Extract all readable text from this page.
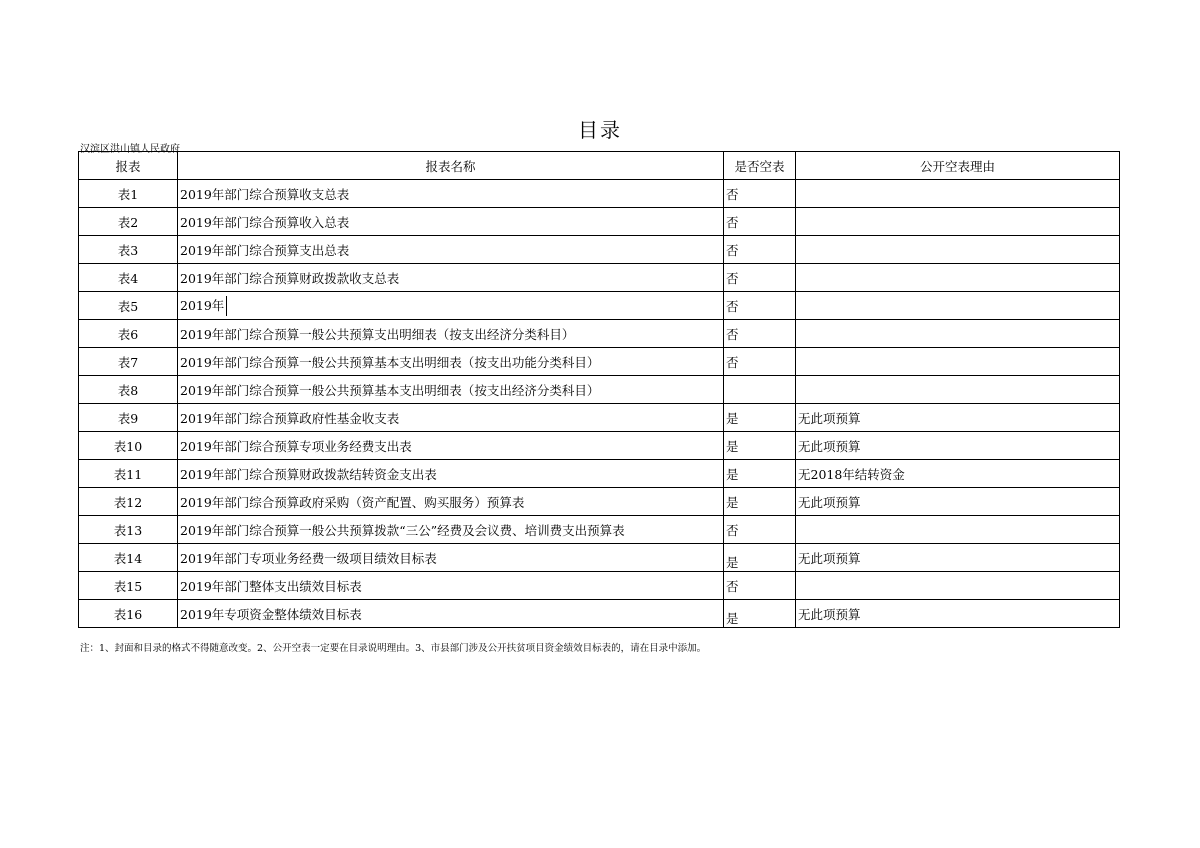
目录
汉滨区洪山镇人民政府
报表	报表名称	是否空表	公开空表理由
表1	2019年部门综合预算收支总表	否	
表2	2019年部门综合预算收入总表	否	
表3	2019年部门综合预算支出总表	否	
表4	2019年部门综合预算财政拨款收支总表	否	
表5	2019年	否	
表6	2019年部门综合预算一般公共预算支出明细表（按支出经济分类科目）	否	
表7	2019年部门综合预算一般公共预算基本支出明细表（按支出功能分类科目）	否	
表8	2019年部门综合预算一般公共预算基本支出明细表（按支出经济分类科目）		
表9	2019年部门综合预算政府性基金收支表	是	无此项预算
表10	2019年部门综合预算专项业务经费支出表	是	无此项预算
表11	2019年部门综合预算财政拨款结转资金支出表	是	无2018年结转资金
表12	2019年部门综合预算政府采购（资产配置、购买服务）预算表	是	无此项预算
表13	2019年部门综合预算一般公共预算拨款“三公”经费及会议费、培训费支出预算表	否	
表14	2019年部门专项业务经费一级项目绩效目标表	是	无此项预算
表15	2019年部门整体支出绩效目标表	否	
表16	2019年专项资金整体绩效目标表	是	无此项预算
注：1、封面和目录的格式不得随意改变。2、公开空表一定要在目录说明理由。3、市县部门涉及公开扶贫项目资金绩效目标表的，请在目录中添加。
